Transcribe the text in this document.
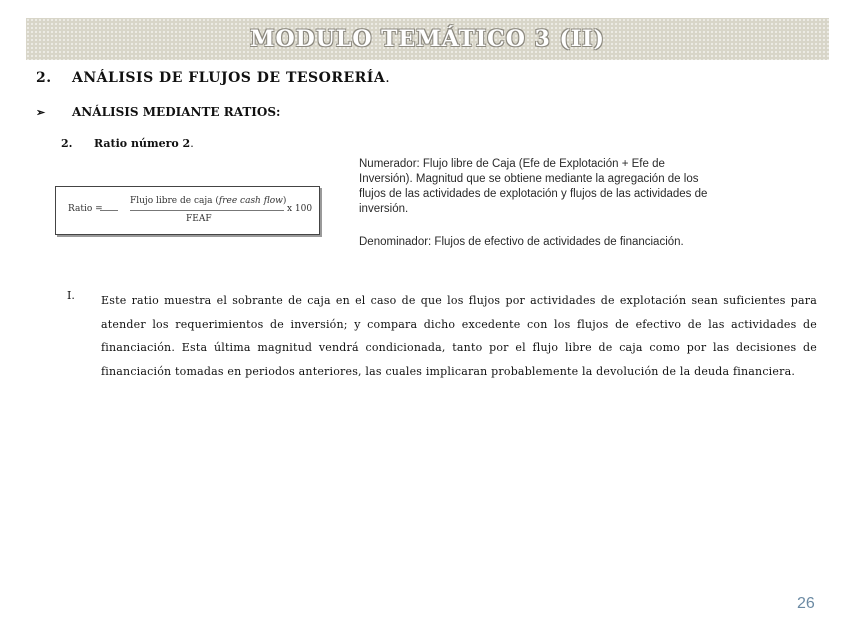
MODULO TEMÁTICO 3 (II)
2. ANÁLISIS DE FLUJOS DE TESORERÍA.
➢ ANÁLISIS MEDIANTE RATIOS:
2. Ratio número 2.
Ratio =
Flujo libre de caja (free cash flow)
FEAF
x 100
Numerador: Flujo libre de Caja (Efe de Explotación + Efe de Inversión). Magnitud que se obtiene mediante la agregación de los flujos de las actividades de explotación y flujos de las actividades de inversión.
Denominador: Flujos de efectivo de actividades de financiación.
I. Este ratio muestra el sobrante de caja en el caso de que los flujos por actividades de explotación sean suficientes para atender los requerimientos de inversión; y compara dicho excedente con los flujos de efectivo de las actividades de financiación. Esta última magnitud vendrá condicionada, tanto por el flujo libre de caja como por las decisiones de financiación tomadas en periodos anteriores, las cuales implicaran probablemente la devolución de la deuda financiera.
26
